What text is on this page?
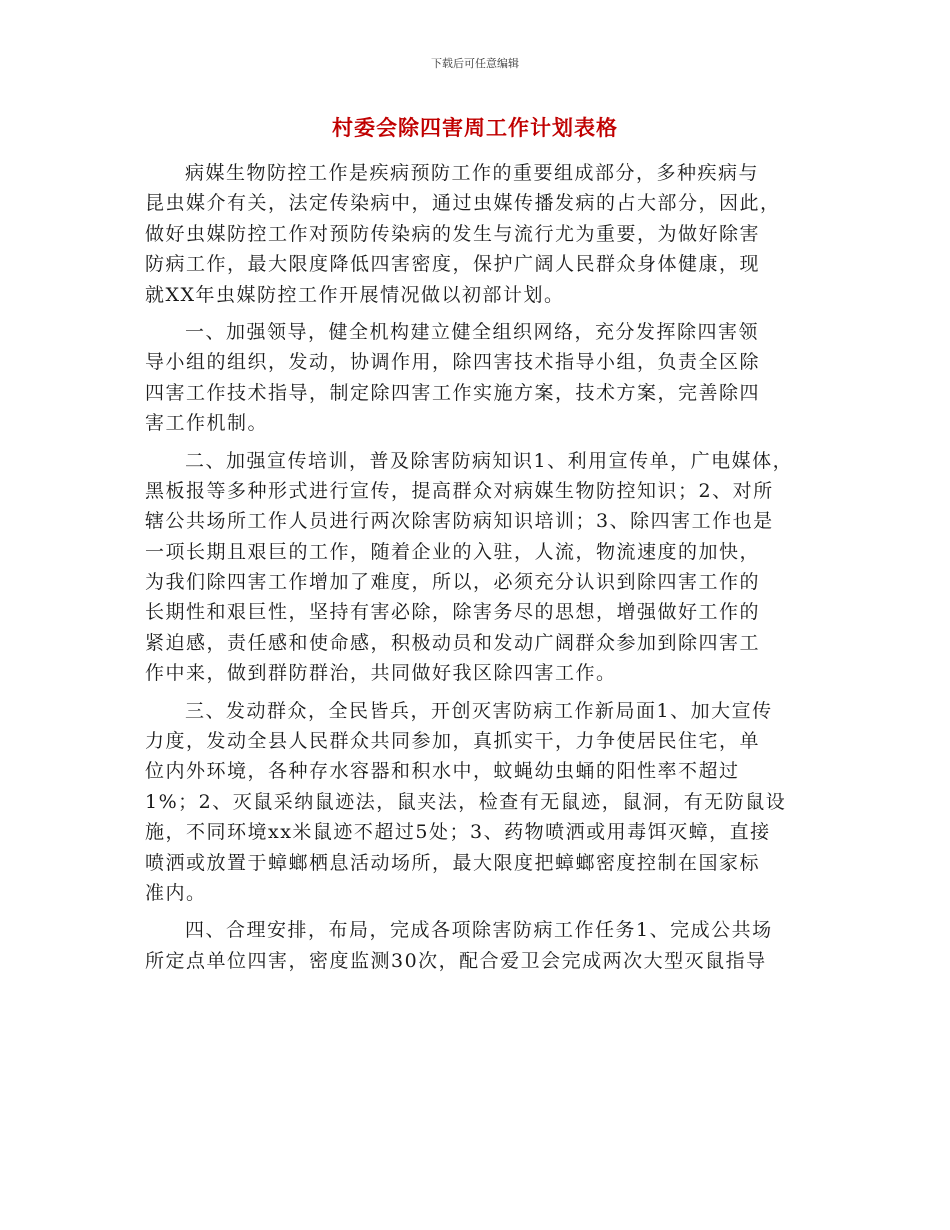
下载后可任意编辑
村委会除四害周工作计划表格
病媒生物防控工作是疾病预防工作的重要组成部分，多种疾病与
昆虫媒介有关，法定传染病中，通过虫媒传播发病的占大部分，因此，
做好虫媒防控工作对预防传染病的发生与流行尤为重要，为做好除害
防病工作，最大限度降低四害密度，保护广阔人民群众身体健康，现
就XX年虫媒防控工作开展情况做以初部计划。
一、加强领导，健全机构建立健全组织网络，充分发挥除四害领
导小组的组织，发动，协调作用，除四害技术指导小组，负责全区除
四害工作技术指导，制定除四害工作实施方案，技术方案，完善除四
害工作机制。
二、加强宣传培训，普及除害防病知识1、利用宣传单，广电媒体，
黑板报等多种形式进行宣传，提高群众对病媒生物防控知识；2、对所
辖公共场所工作人员进行两次除害防病知识培训；3、除四害工作也是
一项长期且艰巨的工作，随着企业的入驻，人流，物流速度的加快，
为我们除四害工作增加了难度，所以，必须充分认识到除四害工作的
长期性和艰巨性，坚持有害必除，除害务尽的思想，增强做好工作的
紧迫感，责任感和使命感，积极动员和发动广阔群众参加到除四害工
作中来，做到群防群治，共同做好我区除四害工作。
三、发动群众，全民皆兵，开创灭害防病工作新局面1、加大宣传
力度，发动全县人民群众共同参加，真抓实干，力争使居民住宅，单
位内外环境，各种存水容器和积水中，蚊蝇幼虫蛹的阳性率不超过
1%；2、灭鼠采纳鼠迹法，鼠夹法，检查有无鼠迹，鼠洞，有无防鼠设
施，不同环境xx米鼠迹不超过5处；3、药物喷洒或用毒饵灭蟑，直接
喷洒或放置于蟑螂栖息活动场所，最大限度把蟑螂密度控制在国家标
准内。
四、合理安排，布局，完成各项除害防病工作任务1、完成公共场
所定点单位四害，密度监测30次，配合爱卫会完成两次大型灭鼠指导
